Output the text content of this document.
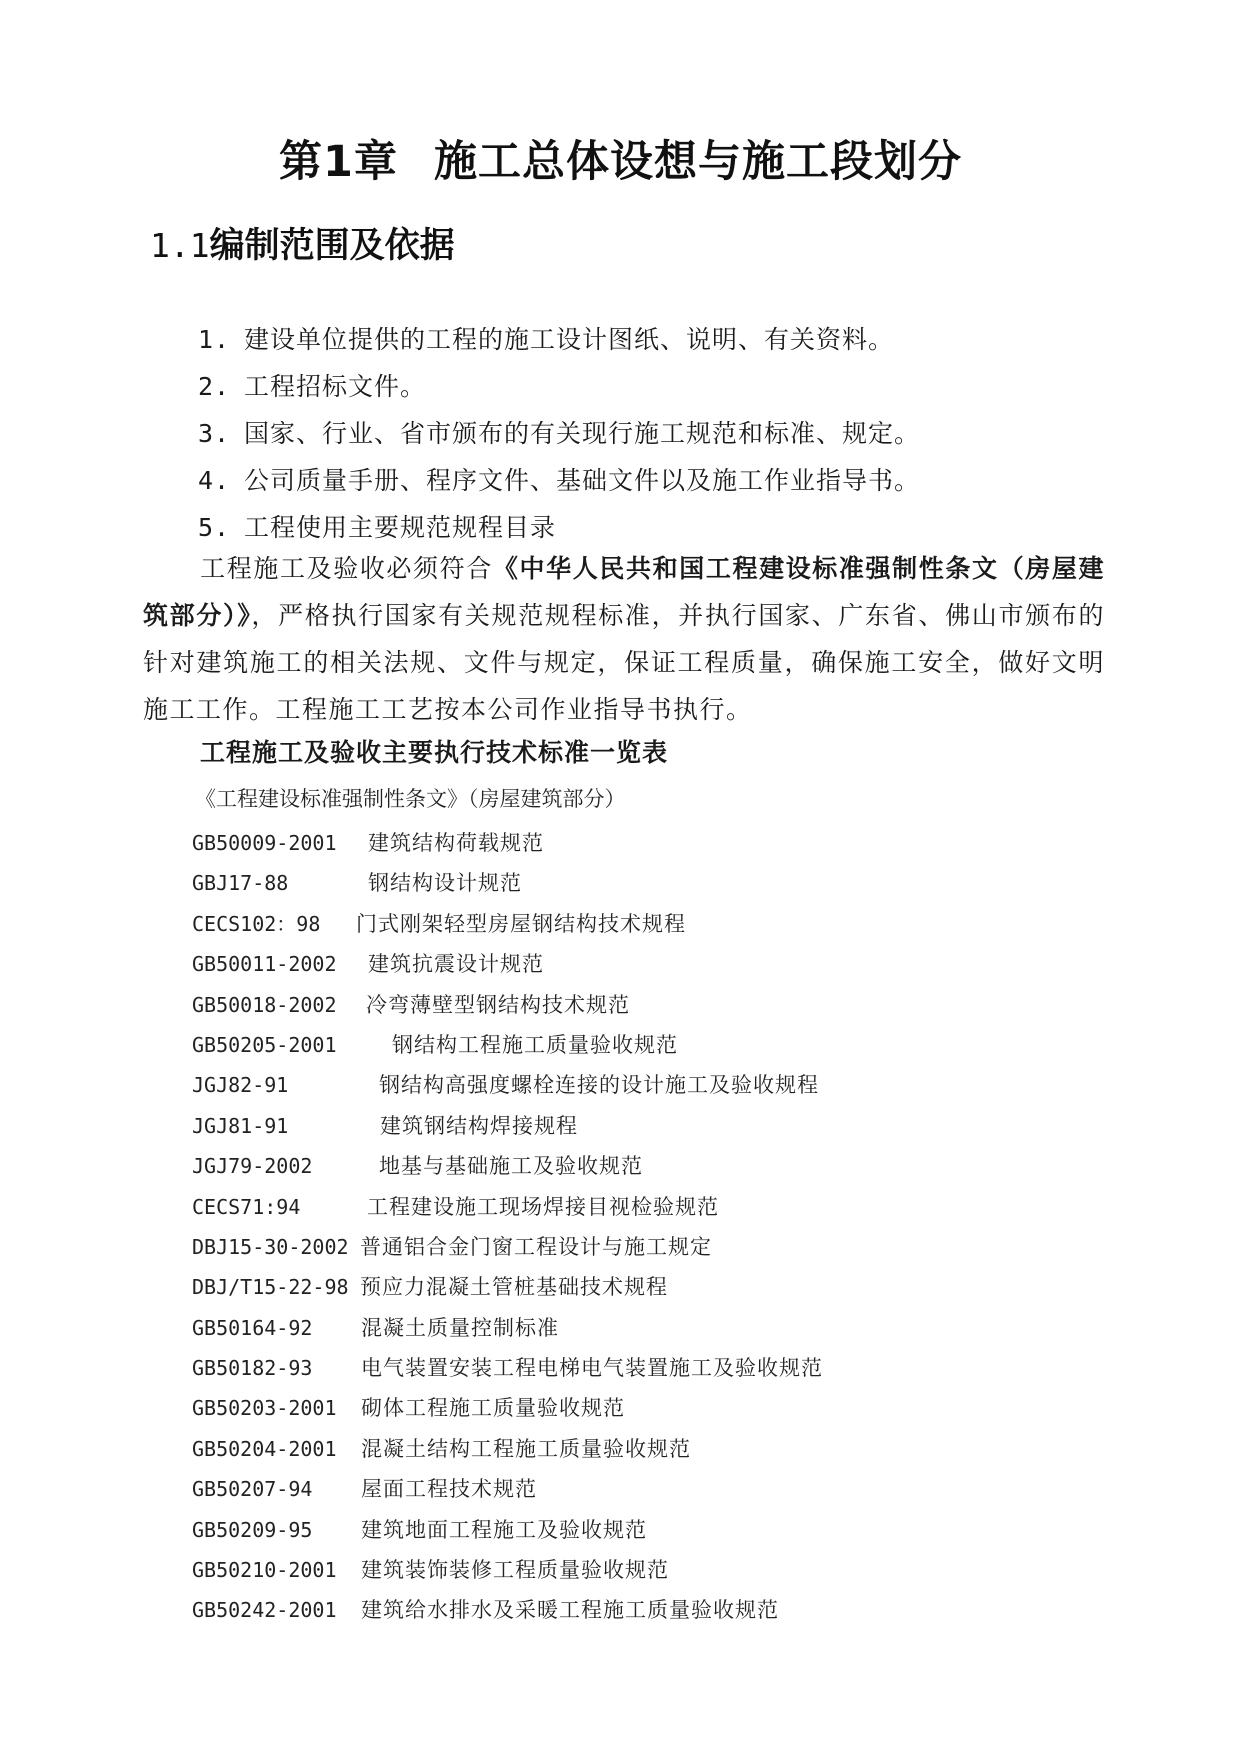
第1章 施工总体设想与施工段划分
1.1编制范围及依据
1. 建设单位提供的工程的施工设计图纸、说明、有关资料。
2. 工程招标文件。
3. 国家、行业、省市颁布的有关现行施工规范和标准、规定。
4. 公司质量手册、程序文件、基础文件以及施工作业指导书。
5. 工程使用主要规范规程目录
工程施工及验收必须符合《中华人民共和国工程建设标准强制性条文（房屋建筑部分）》，严格执行国家有关规范规程标准，并执行国家、广东省、佛山市颁布的针对建筑施工的相关法规、文件与规定，保证工程质量，确保施工安全，做好文明施工工作。工程施工工艺按本公司作业指导书执行。
工程施工及验收主要执行技术标准一览表
《工程建设标准强制性条文》（房屋建筑部分）
GB50009-2001 建筑结构荷载规范
GBJ17-88	钢结构设计规范
CECS102：98 门式刚架轻型房屋钢结构技术规程
GB50011-2002 建筑抗震设计规范
GB50018-2002 冷弯薄壁型钢结构技术规范
GB50205-2001	钢结构工程施工质量验收规范
JGJ82-91	钢结构高强度螺栓连接的设计施工及验收规程
JGJ81-91	建筑钢结构焊接规程
JGJ79-2002	地基与基础施工及验收规范
CECS71:94	工程建设施工现场焊接目视检验规范
DBJ15-30-2002 普通铝合金门窗工程设计与施工规定
DBJ/T15-22-98 预应力混凝土管桩基础技术规程
GB50164-92 混凝土质量控制标准
GB50182-93 电气装置安装工程电梯电气装置施工及验收规范
GB50203-2001 砌体工程施工质量验收规范
GB50204-2001 混凝土结构工程施工质量验收规范
GB50207-94 屋面工程技术规范
GB50209-95 建筑地面工程施工及验收规范
GB50210-2001 建筑装饰装修工程质量验收规范
GB50242-2001 建筑给水排水及采暖工程施工质量验收规范
